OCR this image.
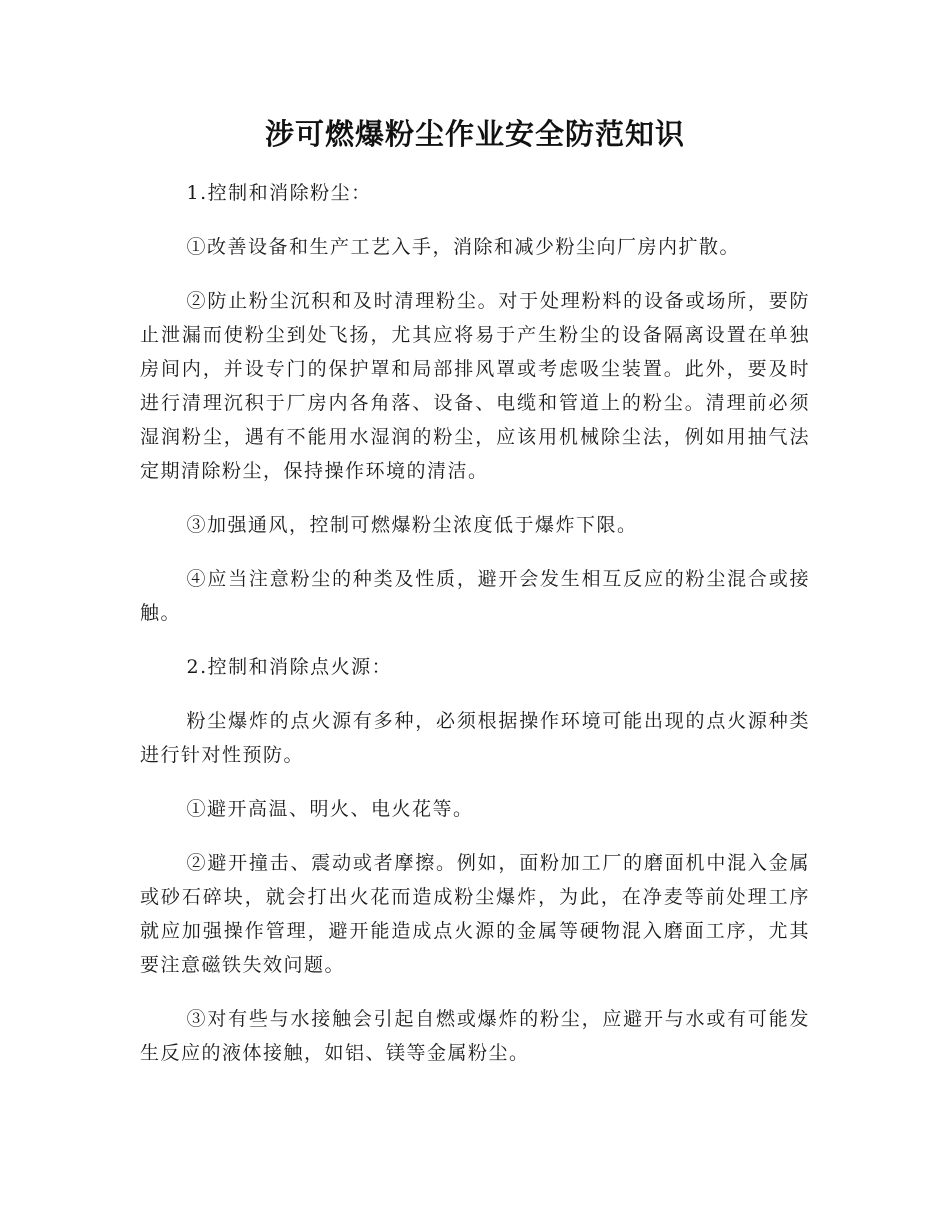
涉可燃爆粉尘作业安全防范知识

1.控制和消除粉尘：

①改善设备和生产工艺入手，消除和减少粉尘向厂房内扩散。

②防止粉尘沉积和及时清理粉尘。对于处理粉料的设备或场所，要防止泄漏而使粉尘到处飞扬，尤其应将易于产生粉尘的设备隔离设置在单独房间内，并设专门的保护罩和局部排风罩或考虑吸尘装置。此外，要及时进行清理沉积于厂房内各角落、设备、电缆和管道上的粉尘。清理前必须湿润粉尘，遇有不能用水湿润的粉尘，应该用机械除尘法，例如用抽气法定期清除粉尘，保持操作环境的清洁。

③加强通风，控制可燃爆粉尘浓度低于爆炸下限。

④应当注意粉尘的种类及性质，避开会发生相互反应的粉尘混合或接触。

2.控制和消除点火源：

粉尘爆炸的点火源有多种，必须根据操作环境可能出现的点火源种类进行针对性预防。

①避开高温、明火、电火花等。

②避开撞击、震动或者摩擦。例如，面粉加工厂的磨面机中混入金属或砂石碎块，就会打出火花而造成粉尘爆炸，为此，在净麦等前处理工序就应加强操作管理，避开能造成点火源的金属等硬物混入磨面工序，尤其要注意磁铁失效问题。

③对有些与水接触会引起自燃或爆炸的粉尘，应避开与水或有可能发生反应的液体接触，如铝、镁等金属粉尘。
